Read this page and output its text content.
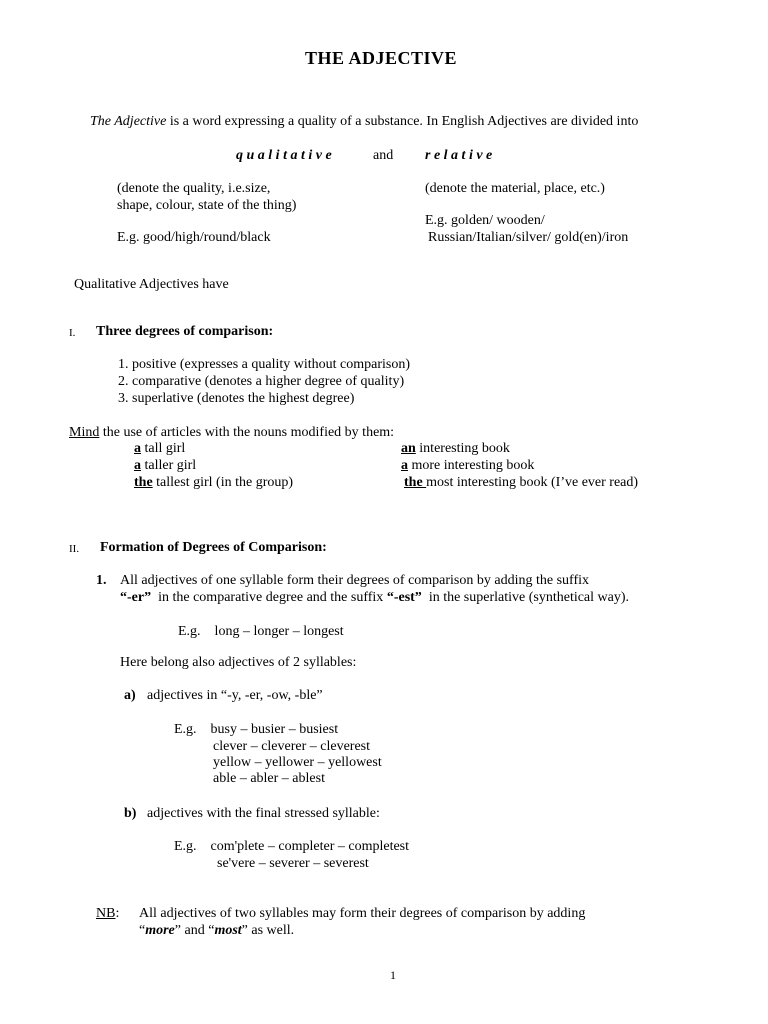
THE ADJECTIVE
The Adjective is a word expressing a quality of a substance. In English Adjectives are divided into
qualitative	and relative
(denote the quality, i.e.size,
shape, colour, state of the thing)
E.g. good/high/round/black
(denote the material, place, etc.)
E.g. golden/ wooden/
Russian/Italian/silver/ gold(en)/iron
Qualitative Adjectives have
I. Three degrees of comparison:
1. positive (expresses a quality without comparison)
2. comparative (denotes a higher degree of quality)
3. superlative (denotes the highest degree)
Mind the use of articles with the nouns modified by them:
a tall girl
a taller girl
the tallest girl (in the group)
an interesting book
a more interesting book
the most interesting book (I’ve ever read)
II. Formation of Degrees of Comparison:
1. All adjectives of one syllable form their degrees of comparison by adding the suffix
“-er”  in the comparative degree and the suffix “-est”  in the superlative (synthetical way).
E.g.    long – longer – longest
Here belong also adjectives of 2 syllables:
a) adjectives in “-y, -er, -ow, -ble”
E.g.    busy – busier – busiest
clever – cleverer – cleverest
yellow – yellower – yellowest
able – abler – ablest
b) adjectives with the final stressed syllable:
E.g.    com'plete – completer – completest
se'vere – severer – severest
NB: All adjectives of two syllables may form their degrees of comparison by adding
“more” and “most” as well.
1
